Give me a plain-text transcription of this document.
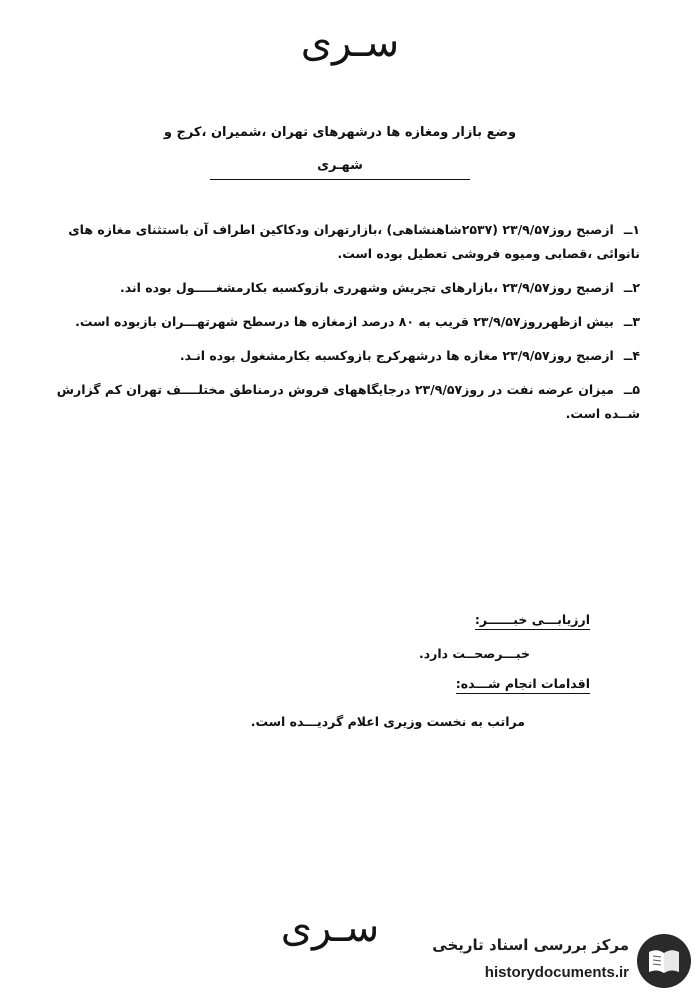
سـری
وضع بازار ومغازه ها درشهرهای تهران ،شمیران ،کرج و
شهـری
۱ــازصبح روز۲۳/۹/۵۷ (۲۵۳۷شاهنشاهی) ،بازارتهران ودکاکین اطراف آن باستثنای مغازه های نانوائی ،قصابی ومیوه فروشی تعطیل بوده است.
۲ــازصبح روز۲۳/۹/۵۷ ،بازارهای تجریش وشهرری بازوکسبه بکارمشغـــــول بوده اند.
۳ــبیش ازظهرروز۲۳/۹/۵۷ قریب به ۸۰ درصد ازمغازه ها درسطح شهرتهـــران بازبوده است.
۴ــازصبح روز۲۳/۹/۵۷ مغازه ها درشهرکرج بازوکسبه بکارمشغول بوده انـد.
۵ــمیزان عرضه نفت در روز۲۳/۹/۵۷ درجایگاههای فروش درمناطق مختلــــف تهران کم گزارش شــده است.
ارزیابـــی خبــــــر:
خبـــرصحــت دارد.
اقدامات انجام شـــده:
مراتب به نخست وزیری اعلام گردیـــده است.
سـری	مرکز بررسی اسناد تاریخی
historydocuments.ir
